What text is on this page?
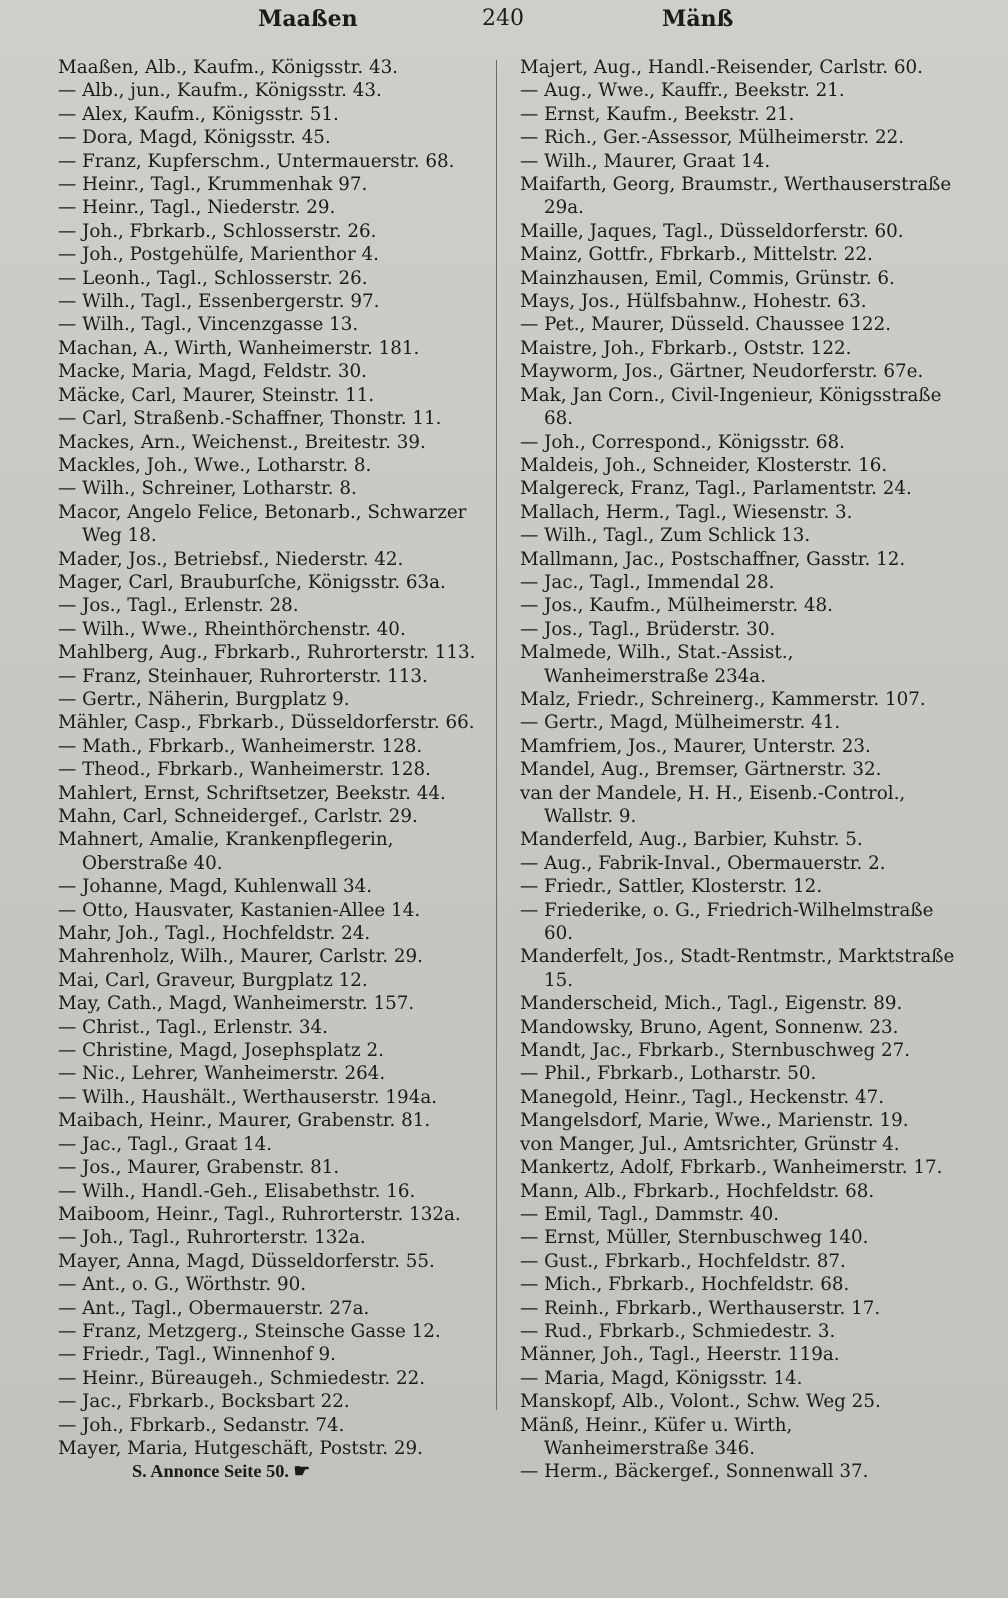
Maaßen	240	Mänß
Maaßen, Alb., Kaufm., Königsstr. 43.
— Alb., jun., Kaufm., Königsstr. 43.
— Alex, Kaufm., Königsstr. 51.
— Dora, Magd, Königsstr. 45.
— Franz, Kupferschm., Untermauerstr. 68.
— Heinr., Tagl., Krummenhak 97.
— Heinr., Tagl., Niederstr. 29.
— Joh., Fbrkarb., Schlosserstr. 26.
— Joh., Postgehülfe, Marienthor 4.
— Leonh., Tagl., Schlosserstr. 26.
— Wilh., Tagl., Essenbergerstr. 97.
— Wilh., Tagl., Vincenzgasse 13.
Machan, A., Wirth, Wanheimerstr. 181.
Macke, Maria, Magd, Feldstr. 30.
Mäcke, Carl, Maurer, Steinstr. 11.
— Carl, Straßenb.-Schaffner, Thonstr. 11.
Mackes, Arn., Weichenst., Breitestr. 39.
Mackles, Joh., Wwe., Lotharstr. 8.
— Wilh., Schreiner, Lotharstr. 8.
Macor, Angelo Felice, Betonarb., Schwarzer Weg 18.
Mader, Jos., Betriebsf., Niederstr. 42.
Mager, Carl, Brauburſche, Königsstr. 63a.
— Jos., Tagl., Erlenstr. 28.
— Wilh., Wwe., Rheinthörchenstr. 40.
Mahlberg, Aug., Fbrkarb., Ruhrorterstr. 113.
— Franz, Steinhauer, Ruhrorterstr. 113.
— Gertr., Näherin, Burgplatz 9.
Mähler, Casp., Fbrkarb., Düsseldorferstr. 66.
— Math., Fbrkarb., Wanheimerstr. 128.
— Theod., Fbrkarb., Wanheimerstr. 128.
Mahlert, Ernst, Schriftsetzer, Beekstr. 44.
Mahn, Carl, Schneidergef., Carlstr. 29.
Mahnert, Amalie, Krankenpflegerin, Oberstraße 40.
— Johanne, Magd, Kuhlenwall 34.
— Otto, Hausvater, Kastanien-Allee 14.
Mahr, Joh., Tagl., Hochfeldstr. 24.
Mahrenholz, Wilh., Maurer, Carlstr. 29.
Mai, Carl, Graveur, Burgplatz 12.
May, Cath., Magd, Wanheimerstr. 157.
— Christ., Tagl., Erlenstr. 34.
— Christine, Magd, Josephsplatz 2.
— Nic., Lehrer, Wanheimerstr. 264.
— Wilh., Haushält., Werthauserstr. 194a.
Maibach, Heinr., Maurer, Grabenstr. 81.
— Jac., Tagl., Graat 14.
— Jos., Maurer, Grabenstr. 81.
— Wilh., Handl.-Geh., Elisabethstr. 16.
Maiboom, Heinr., Tagl., Ruhrorterstr. 132a.
— Joh., Tagl., Ruhrorterstr. 132a.
Mayer, Anna, Magd, Düsseldorferstr. 55.
— Ant., o. G., Wörthstr. 90.
— Ant., Tagl., Obermauerstr. 27a.
— Franz, Metzgerg., Steinsche Gasse 12.
— Friedr., Tagl., Winnenhof 9.
— Heinr., Büreaugeh., Schmiedestr. 22.
— Jac., Fbrkarb., Bocksbart 22.
— Joh., Fbrkarb., Sedanstr. 74.
Mayer, Maria, Hutgeschäft, Poststr. 29.
S. Annonce Seite 50. ☛
Majert, Aug., Handl.-Reisender, Carlstr. 60.
— Aug., Wwe., Kauffr., Beekstr. 21.
— Ernst, Kaufm., Beekstr. 21.
— Rich., Ger.-Assessor, Mülheimerstr. 22.
— Wilh., Maurer, Graat 14.
Maifarth, Georg, Braumstr., Werthauserstraße 29a.
Maille, Jaques, Tagl., Düsseldorferstr. 60.
Mainz, Gottfr., Fbrkarb., Mittelstr. 22.
Mainzhausen, Emil, Commis, Grünstr. 6.
Mays, Jos., Hülfsbahnw., Hohestr. 63.
— Pet., Maurer, Düsseld. Chaussee 122.
Maistre, Joh., Fbrkarb., Oststr. 122.
Mayworm, Jos., Gärtner, Neudorferstr. 67e.
Mak, Jan Corn., Civil-Ingenieur, Königsstraße 68.
— Joh., Correspond., Königsstr. 68.
Maldeis, Joh., Schneider, Klosterstr. 16.
Malgereck, Franz, Tagl., Parlamentstr. 24.
Mallach, Herm., Tagl., Wiesenstr. 3.
— Wilh., Tagl., Zum Schlick 13.
Mallmann, Jac., Postschaffner, Gasstr. 12.
— Jac., Tagl., Immendal 28.
— Jos., Kaufm., Mülheimerstr. 48.
— Jos., Tagl., Brüderstr. 30.
Malmede, Wilh., Stat.-Assist., Wanheimerstraße 234a.
Malz, Friedr., Schreinerg., Kammerstr. 107.
— Gertr., Magd, Mülheimerstr. 41.
Mamfriem, Jos., Maurer, Unterstr. 23.
Mandel, Aug., Bremser, Gärtnerstr. 32.
van der Mandele, H. H., Eisenb.-Control., Wallstr. 9.
Manderfeld, Aug., Barbier, Kuhstr. 5.
— Aug., Fabrik-Inval., Obermauerstr. 2.
— Friedr., Sattler, Klosterstr. 12.
— Friederike, o. G., Friedrich-Wilhelmstraße 60.
Manderfelt, Jos., Stadt-Rentmstr., Marktstraße 15.
Manderscheid, Mich., Tagl., Eigenstr. 89.
Mandowsky, Bruno, Agent, Sonnenw. 23.
Mandt, Jac., Fbrkarb., Sternbuschweg 27.
— Phil., Fbrkarb., Lotharstr. 50.
Manegold, Heinr., Tagl., Heckenstr. 47.
Mangelsdorf, Marie, Wwe., Marienstr. 19.
von Manger, Jul., Amtsrichter, Grünstr 4.
Mankertz, Adolf, Fbrkarb., Wanheimerstr. 17.
Mann, Alb., Fbrkarb., Hochfeldstr. 68.
— Emil, Tagl., Dammstr. 40.
— Ernst, Müller, Sternbuschweg 140.
— Gust., Fbrkarb., Hochfeldstr. 87.
— Mich., Fbrkarb., Hochfeldstr. 68.
— Reinh., Fbrkarb., Werthauserstr. 17.
— Rud., Fbrkarb., Schmiedestr. 3.
Männer, Joh., Tagl., Heerstr. 119a.
— Maria, Magd, Königsstr. 14.
Manskopf, Alb., Volont., Schw. Weg 25.
Mänß, Heinr., Küfer u. Wirth, Wanheimerstraße 346.
— Herm., Bäckergef., Sonnenwall 37.
